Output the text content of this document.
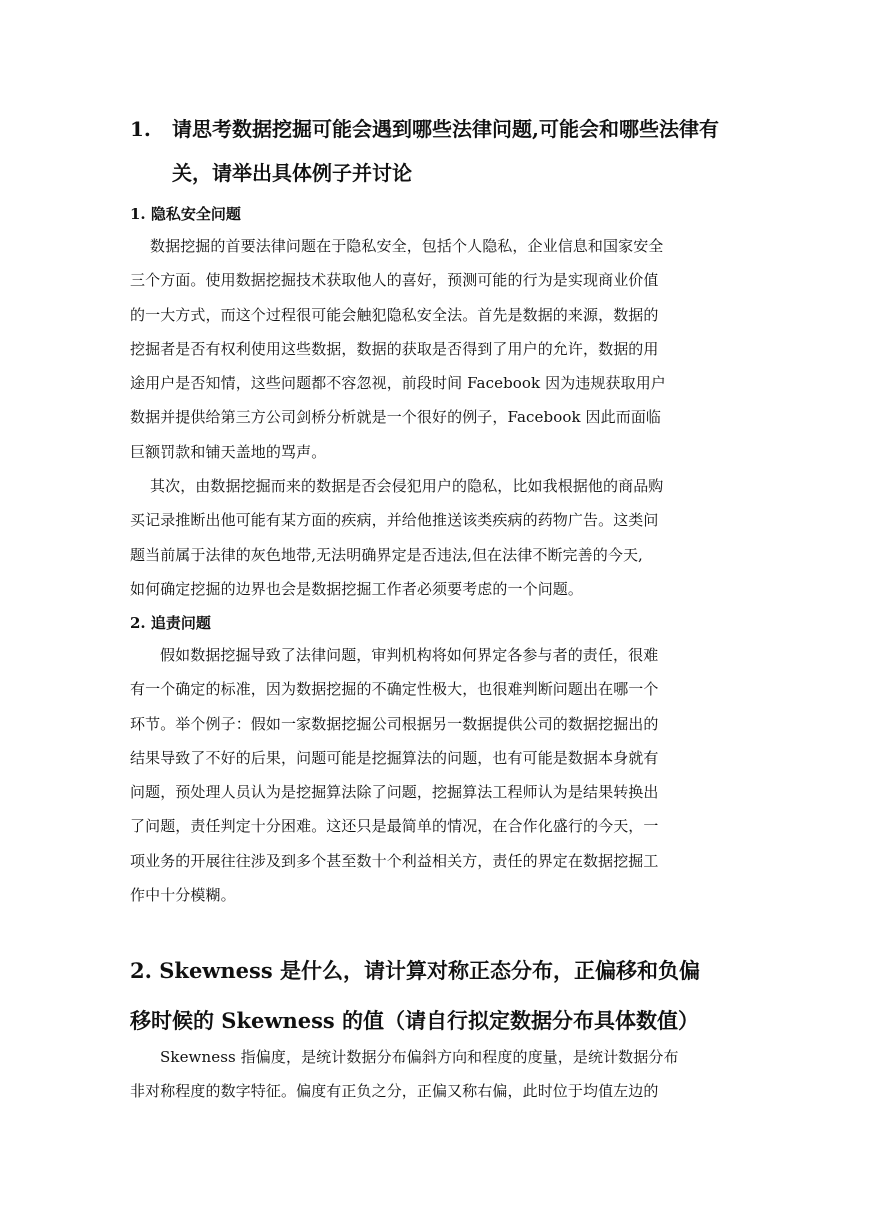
1. 请思考数据挖掘可能会遇到哪些法律问题,可能会和哪些法律有
关，请举出具体例子并讨论
1. 隐私安全问题
数据挖掘的首要法律问题在于隐私安全，包括个人隐私，企业信息和国家安全
三个方面。使用数据挖掘技术获取他人的喜好，预测可能的行为是实现商业价值
的一大方式，而这个过程很可能会触犯隐私安全法。首先是数据的来源，数据的
挖掘者是否有权利使用这些数据，数据的获取是否得到了用户的允许，数据的用
途用户是否知情，这些问题都不容忽视，前段时间 Facebook 因为违规获取用户
数据并提供给第三方公司剑桥分析就是一个很好的例子，Facebook 因此而面临
巨额罚款和铺天盖地的骂声。
其次，由数据挖掘而来的数据是否会侵犯用户的隐私，比如我根据他的商品购
买记录推断出他可能有某方面的疾病，并给他推送该类疾病的药物广告。这类问
题当前属于法律的灰色地带,无法明确界定是否违法,但在法律不断完善的今天,
如何确定挖掘的边界也会是数据挖掘工作者必须要考虑的一个问题。
2. 追责问题
假如数据挖掘导致了法律问题，审判机构将如何界定各参与者的责任，很难
有一个确定的标准，因为数据挖掘的不确定性极大，也很难判断问题出在哪一个
环节。举个例子：假如一家数据挖掘公司根据另一数据提供公司的数据挖掘出的
结果导致了不好的后果，问题可能是挖掘算法的问题，也有可能是数据本身就有
问题，预处理人员认为是挖掘算法除了问题，挖掘算法工程师认为是结果转换出
了问题，责任判定十分困难。这还只是最简单的情况，在合作化盛行的今天，一
项业务的开展往往涉及到多个甚至数十个利益相关方，责任的界定在数据挖掘工
作中十分模糊。
2. Skewness 是什么，请计算对称正态分布，正偏移和负偏
移时候的 Skewness 的值（请自行拟定数据分布具体数值）
Skewness 指偏度，是统计数据分布偏斜方向和程度的度量，是统计数据分布
非对称程度的数字特征。偏度有正负之分，正偏又称右偏，此时位于均值左边的
